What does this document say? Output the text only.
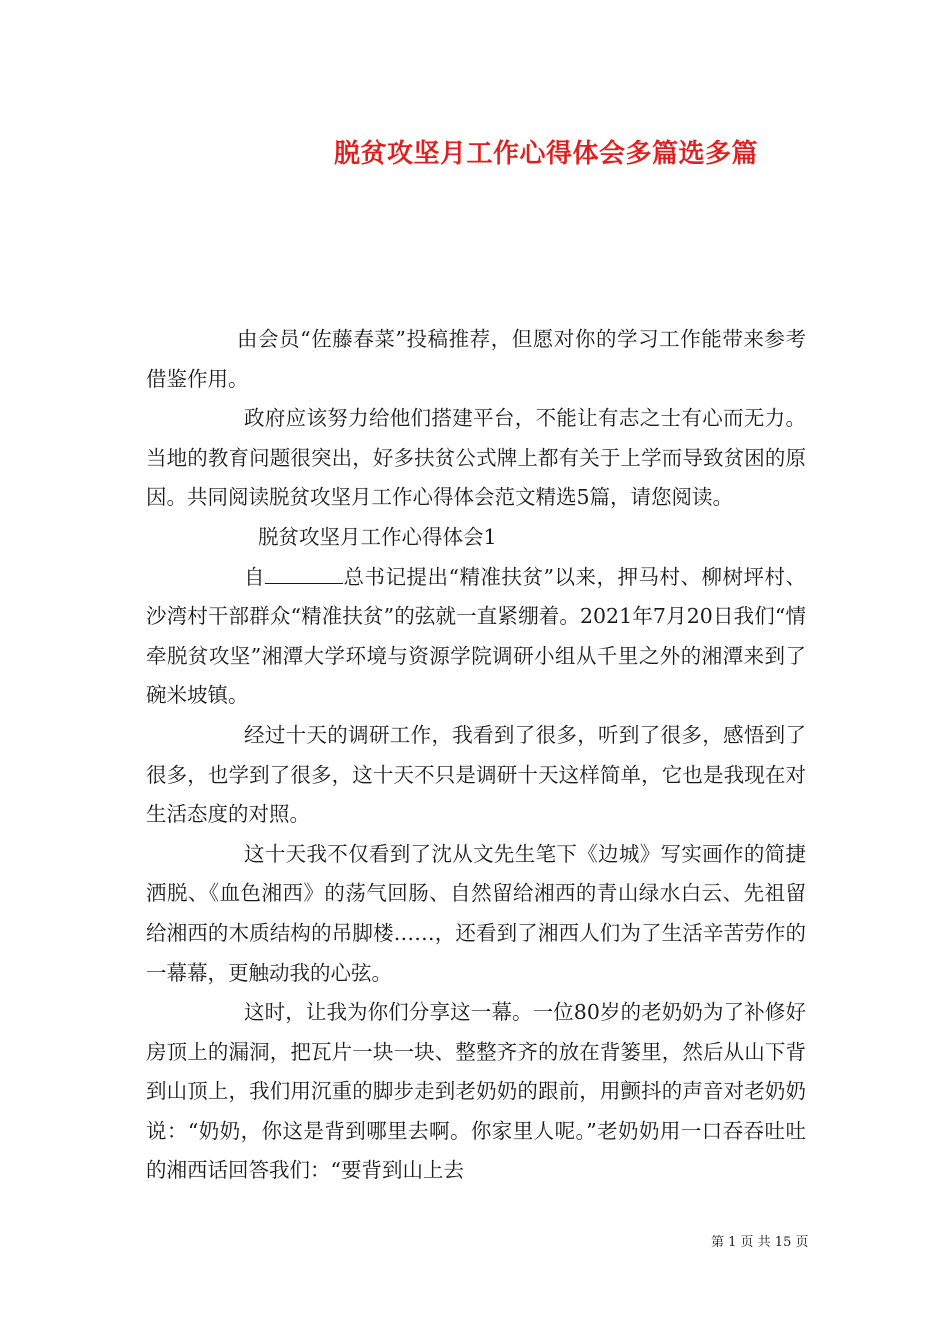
脱贫攻坚月工作心得体会多篇选多篇

由会员“佐藤春菜”投稿推荐，但愿对你的学习工作能带来参考借鉴作用。

政府应该努力给他们搭建平台，不能让有志之士有心而无力。当地的教育问题很突出，好多扶贫公式牌上都有关于上学而导致贫困的原因。共同阅读脱贫攻坚月工作心得体会范文精选5篇，请您阅读。

脱贫攻坚月工作心得体会1

自	总书记提出“精准扶贫”以来，押马村、柳树坪村、沙湾村干部群众“精准扶贫”的弦就一直紧绷着。2021年7月20日我们“情牵脱贫攻坚”湘潭大学环境与资源学院调研小组从千里之外的湘潭来到了碗米坡镇。

经过十天的调研工作，我看到了很多，听到了很多，感悟到了很多，也学到了很多，这十天不只是调研十天这样简单，它也是我现在对生活态度的对照。

这十天我不仅看到了沈从文先生笔下《边城》写实画作的简捷洒脱、《血色湘西》的荡气回肠、自然留给湘西的青山绿水白云、先祖留给湘西的木质结构的吊脚楼……，还看到了湘西人们为了生活辛苦劳作的一幕幕，更触动我的心弦。

这时，让我为你们分享这一幕。一位80岁的老奶奶为了补修好房顶上的漏洞，把瓦片一块一块、整整齐齐的放在背篓里，然后从山下背到山顶上，我们用沉重的脚步走到老奶奶的跟前，用颤抖的声音对老奶奶说：“奶奶，你这是背到哪里去啊。你家里人呢。”老奶奶用一口吞吞吐吐的湘西话回答我们：“要背到山上去

第 1 页 共 15 页
